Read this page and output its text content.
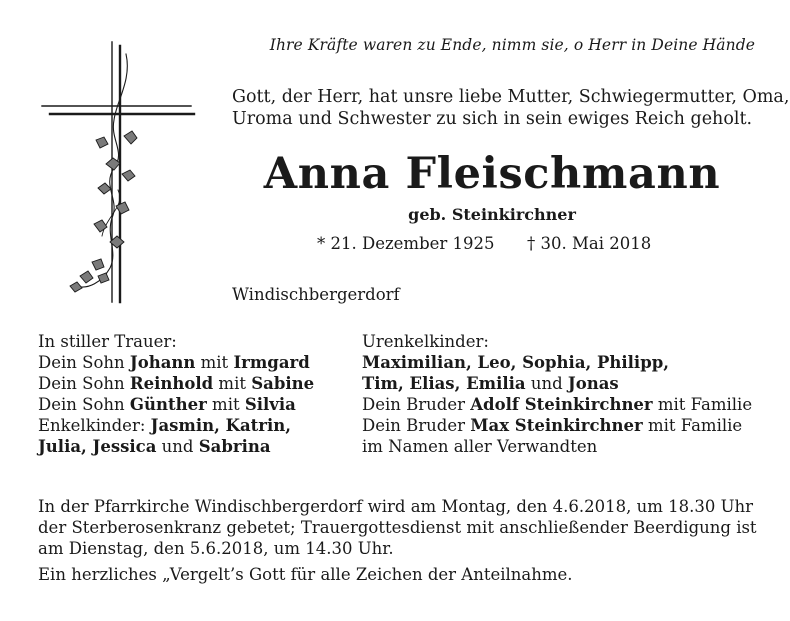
Ihre Kräfte waren zu Ende, nimm sie, o Herr in Deine Hände
Gott, der Herr, hat unsre liebe Mutter, Schwiegermutter, Oma,
Uroma und Schwester zu sich in sein ewiges Reich geholt.
Anna Fleischmann
geb. Steinkirchner
* 21. Dezember 1925 † 30. Mai 2018
Windischbergerdorf
In stiller Trauer:
Dein Sohn Johann mit Irmgard
Dein Sohn Reinhold mit Sabine
Dein Sohn Günther mit Silvia
Enkelkinder: Jasmin, Katrin,
Julia, Jessica und Sabrina
Urenkelkinder:
Maximilian, Leo, Sophia, Philipp,
Tim, Elias, Emilia und Jonas
Dein Bruder Adolf Steinkirchner mit Familie
Dein Bruder Max Steinkirchner mit Familie
im Namen aller Verwandten
In der Pfarrkirche Windischbergerdorf wird am Montag, den 4.6.2018, um 18.30 Uhr
der Sterberosenkranz gebetet; Trauergottesdienst mit anschließender Beerdigung ist
am Dienstag, den 5.6.2018, um 14.30 Uhr.
Ein herzliches „Vergelt’s Gott für alle Zeichen der Anteilnahme.
